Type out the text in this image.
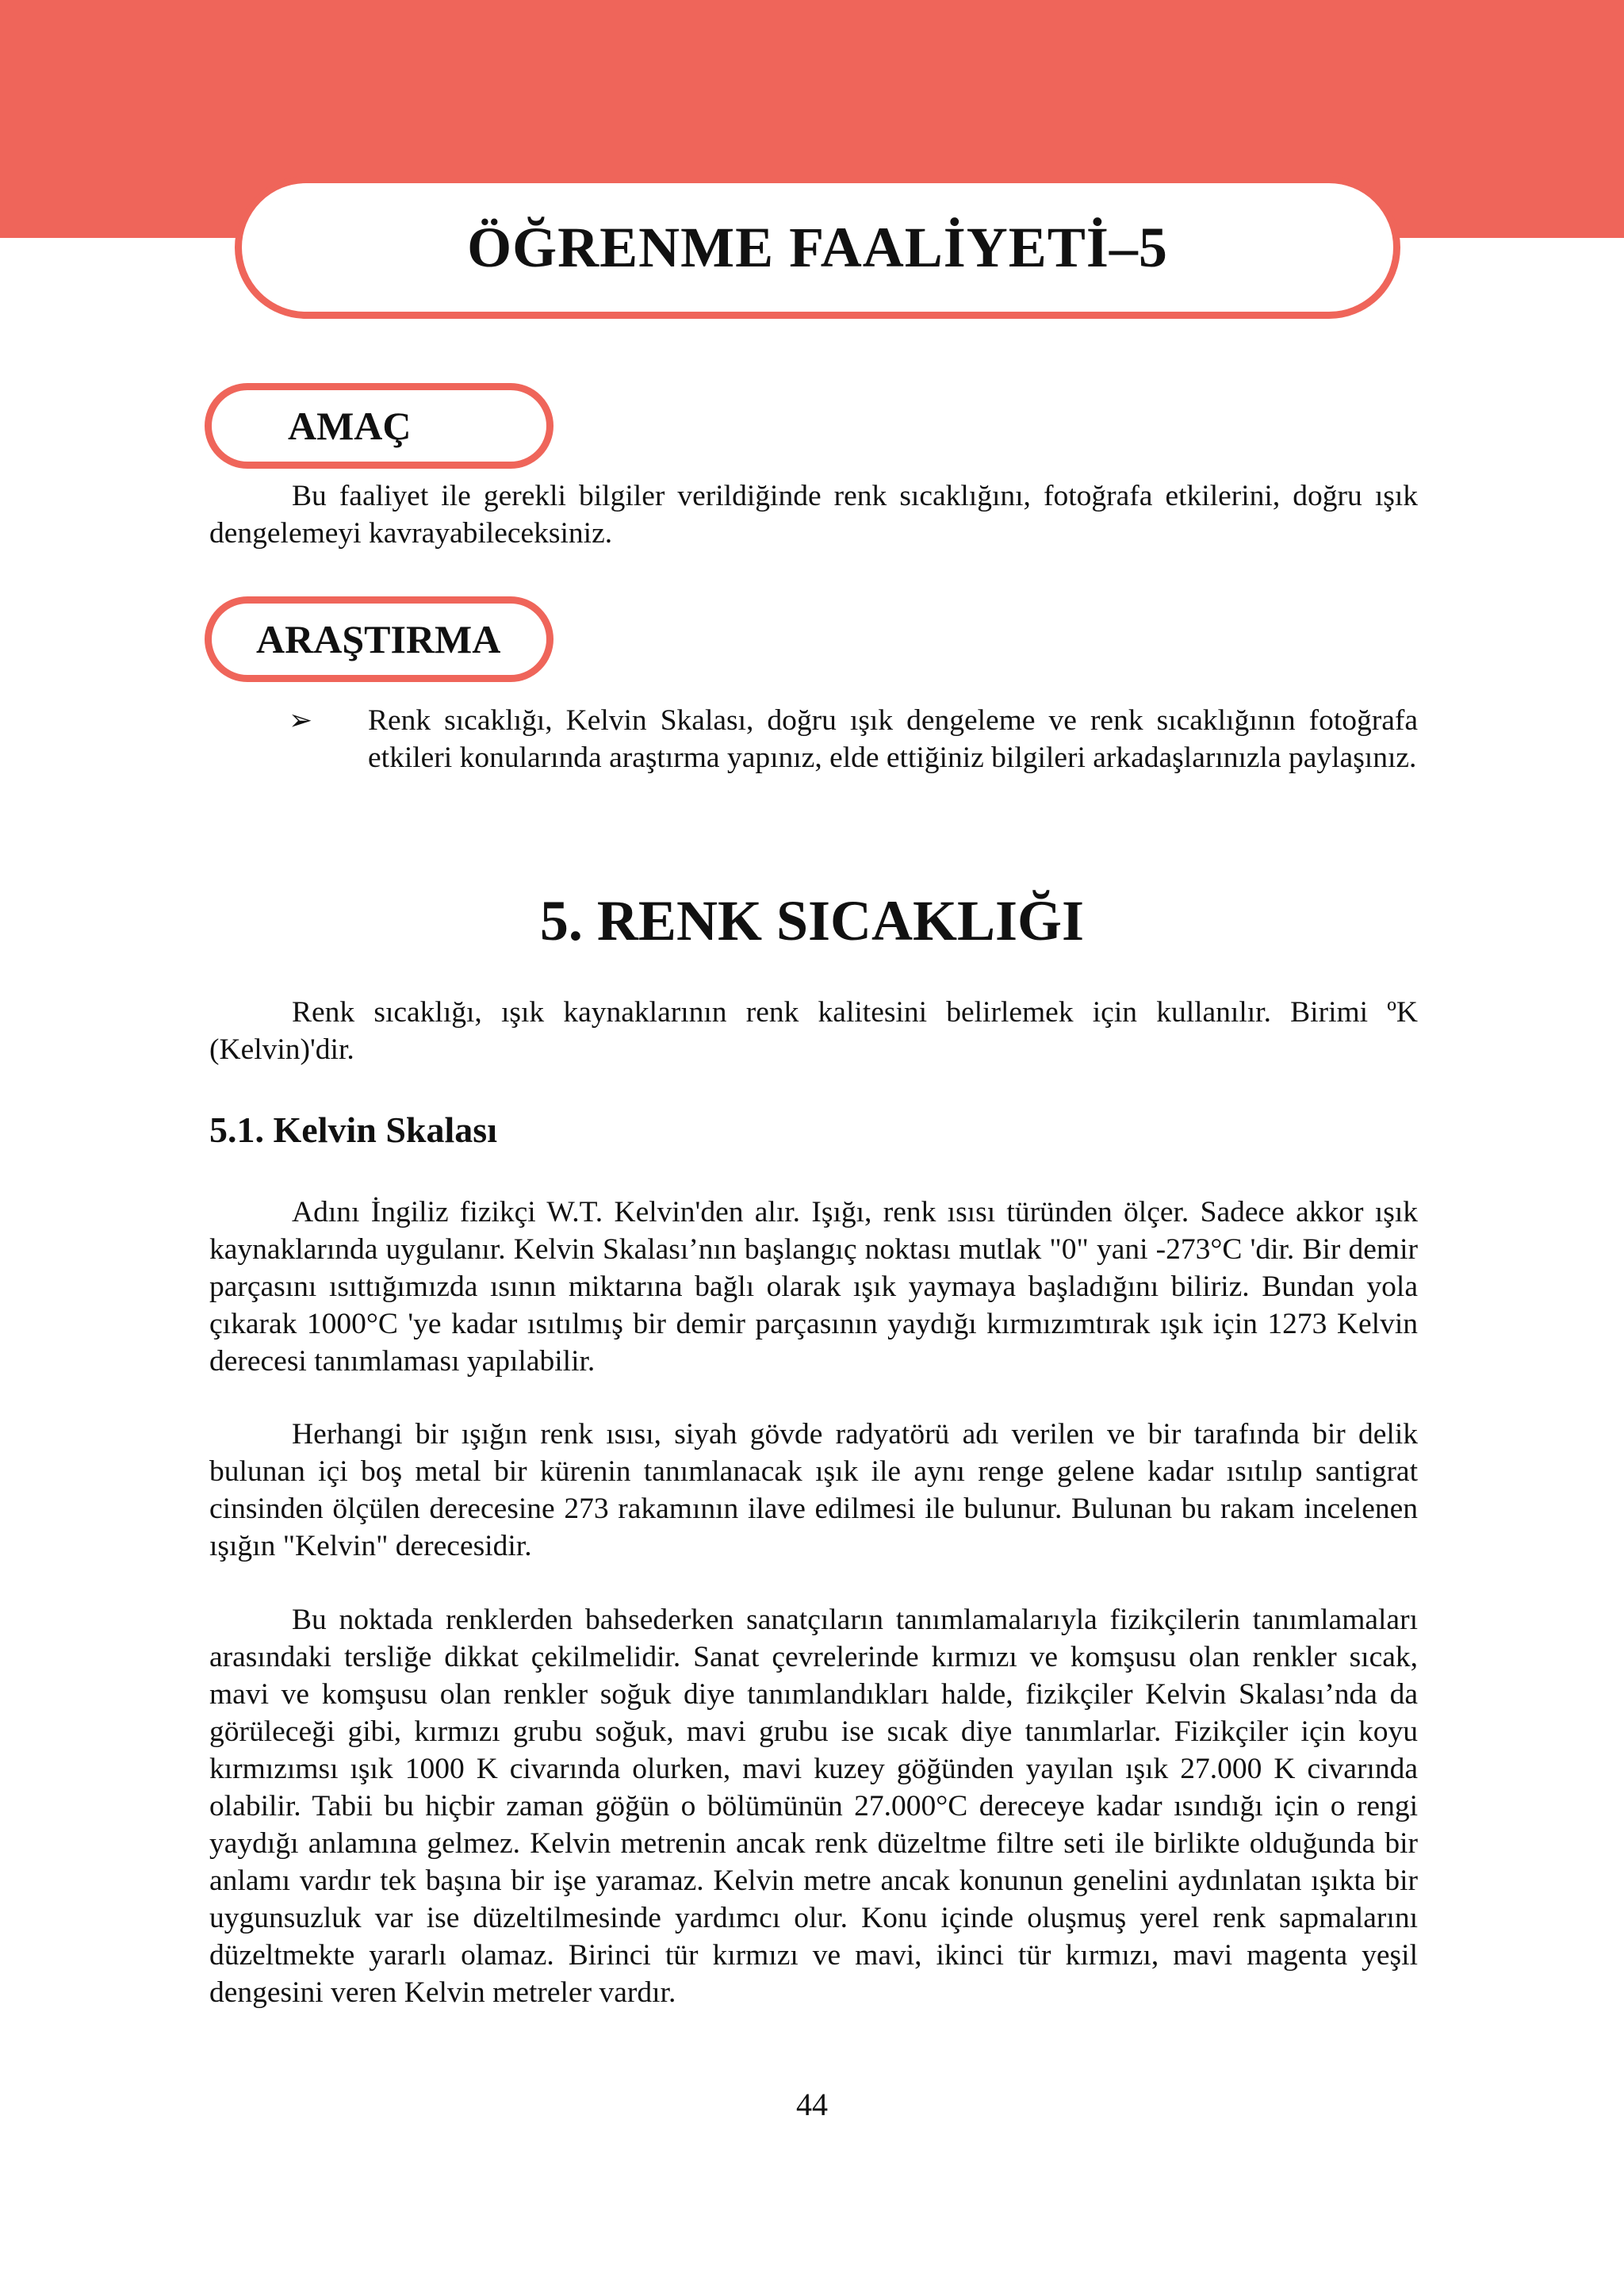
ÖĞRENME FAALİYETİ–5
AMAÇ

Bu faaliyet ile gerekli bilgiler verildiğinde renk sıcaklığını, fotoğrafa etkilerini, doğru ışık dengelemeyi kavrayabileceksiniz.

ARAŞTIRMA
➢ Renk sıcaklığı, Kelvin Skalası, doğru ışık dengeleme ve renk sıcaklığının fotoğrafa etkileri konularında araştırma yapınız, elde ettiğiniz bilgileri arkadaşlarınızla paylaşınız.

5. RENK SICAKLIĞI

Renk sıcaklığı, ışık kaynaklarının renk kalitesini belirlemek için kullanılır. Birimi ºK (Kelvin)'dir.

5.1. Kelvin Skalası

Adını İngiliz fizikçi W.T. Kelvin'den alır. Işığı, renk ısısı türünden ölçer. Sadece akkor ışık kaynaklarında uygulanır. Kelvin Skalası’nın başlangıç noktası mutlak "0" yani -273°C 'dir. Bir demir parçasını ısıttığımızda ısının miktarına bağlı olarak ışık yaymaya başladığını biliriz. Bundan yola çıkarak 1000°C 'ye kadar ısıtılmış bir demir parçasının yaydığı kırmızımtırak ışık için 1273 Kelvin derecesi tanımlaması yapılabilir.

Herhangi bir ışığın renk ısısı, siyah gövde radyatörü adı verilen ve bir tarafında bir delik bulunan içi boş metal bir kürenin tanımlanacak ışık ile aynı renge gelene kadar ısıtılıp santigrat cinsinden ölçülen derecesine 273 rakamının ilave edilmesi ile bulunur. Bulunan bu rakam incelenen ışığın "Kelvin" derecesidir.

Bu noktada renklerden bahsederken sanatçıların tanımlamalarıyla fizikçilerin tanımlamaları arasındaki tersliğe dikkat çekilmelidir. Sanat çevrelerinde kırmızı ve komşusu olan renkler sıcak, mavi ve komşusu olan renkler soğuk diye tanımlandıkları halde, fizikçiler Kelvin Skalası’nda da görüleceği gibi, kırmızı grubu soğuk, mavi grubu ise sıcak diye tanımlarlar. Fizikçiler için koyu kırmızımsı ışık 1000 K civarında olurken, mavi kuzey göğünden yayılan ışık 27.000 K civarında olabilir. Tabii bu hiçbir zaman göğün o bölümünün 27.000°C dereceye kadar ısındığı için o rengi yaydığı anlamına gelmez. Kelvin metrenin ancak renk düzeltme filtre seti ile birlikte olduğunda bir anlamı vardır tek başına bir işe yaramaz. Kelvin metre ancak konunun genelini aydınlatan ışıkta bir uygunsuzluk var ise düzeltilmesinde yardımcı olur. Konu içinde oluşmuş yerel renk sapmalarını düzeltmekte yararlı olamaz. Birinci tür kırmızı ve mavi, ikinci tür kırmızı, mavi magenta yeşil dengesini veren Kelvin metreler vardır.

44
